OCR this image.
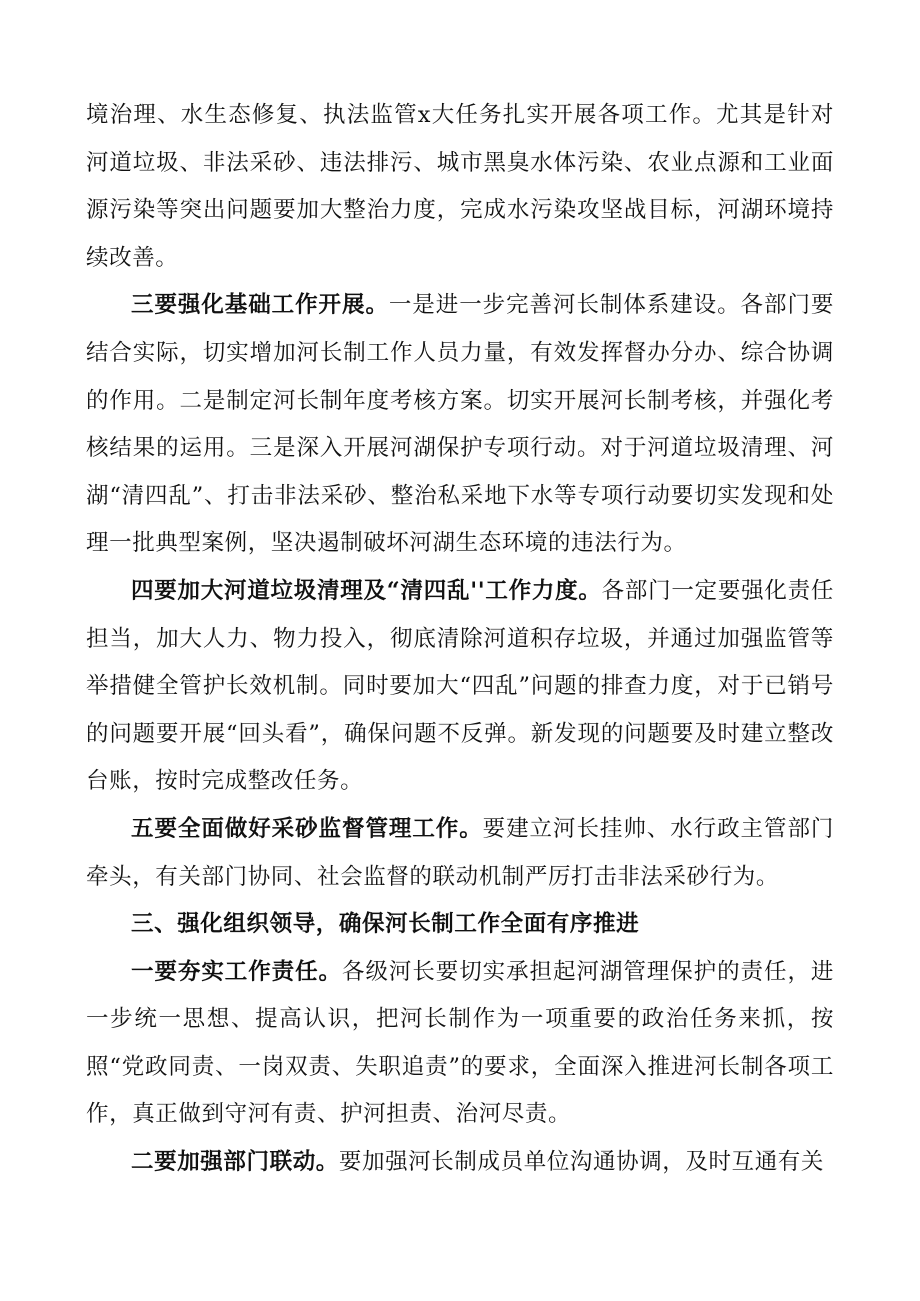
境治理、水生态修复、执法监管x大任务扎实开展各项工作。尤其是针对河道垃圾、非法采砂、违法排污、城市黑臭水体污染、农业点源和工业面源污染等突出问题要加大整治力度，完成水污染攻坚战目标，河湖环境持续改善。

三要强化基础工作开展。一是进一步完善河长制体系建设。各部门要结合实际，切实增加河长制工作人员力量，有效发挥督办分办、综合协调的作用。二是制定河长制年度考核方案。切实开展河长制考核，并强化考核结果的运用。三是深入开展河湖保护专项行动。对于河道垃圾清理、河湖“清四乱”、打击非法采砂、整治私采地下水等专项行动要切实发现和处理一批典型案例，坚决遏制破坏河湖生态环境的违法行为。

四要加大河道垃圾清理及“清四乱''工作力度。各部门一定要强化责任担当，加大人力、物力投入，彻底清除河道积存垃圾，并通过加强监管等举措健全管护长效机制。同时要加大“四乱”问题的排查力度，对于已销号的问题要开展“回头看”，确保问题不反弹。新发现的问题要及时建立整改台账，按时完成整改任务。

五要全面做好采砂监督管理工作。要建立河长挂帅、水行政主管部门牵头，有关部门协同、社会监督的联动机制严厉打击非法采砂行为。

三、强化组织领导，确保河长制工作全面有序推进

一要夯实工作责任。各级河长要切实承担起河湖管理保护的责任，进一步统一思想、提高认识，把河长制作为一项重要的政治任务来抓，按照“党政同责、一岗双责、失职追责”的要求，全面深入推进河长制各项工作，真正做到守河有责、护河担责、治河尽责。

二要加强部门联动。要加强河长制成员单位沟通协调，及时互通有关
